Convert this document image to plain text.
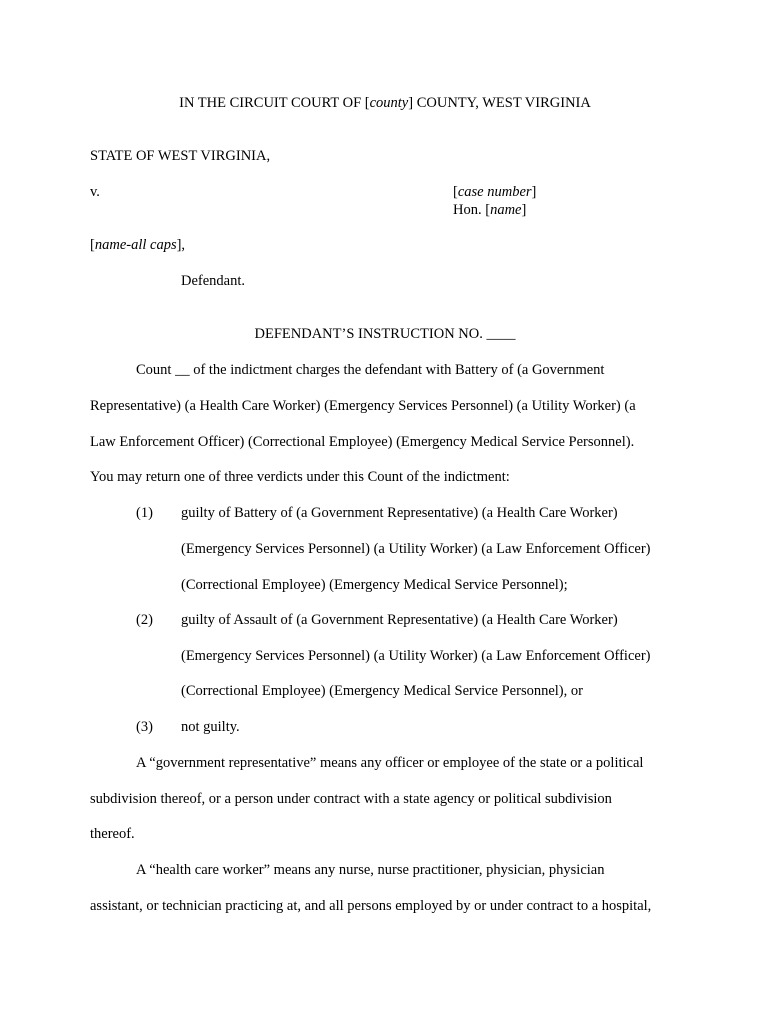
IN THE CIRCUIT COURT OF [county] COUNTY, WEST VIRGINIA
STATE OF WEST VIRGINIA,
v.	[case number]
Hon. [name]
[name-all caps],
Defendant.
DEFENDANT’S INSTRUCTION NO. ____
Count __ of the indictment charges the defendant with Battery of (a Government
Representative) (a Health Care Worker) (Emergency Services Personnel) (a Utility Worker) (a
Law Enforcement Officer) (Correctional Employee) (Emergency Medical Service Personnel).
You may return one of three verdicts under this Count of the indictment:
(1) guilty of Battery of (a Government Representative) (a Health Care Worker)
(Emergency Services Personnel) (a Utility Worker) (a Law Enforcement Officer)
(Correctional Employee) (Emergency Medical Service Personnel);
(2) guilty of Assault of (a Government Representative) (a Health Care Worker)
(Emergency Services Personnel) (a Utility Worker) (a Law Enforcement Officer)
(Correctional Employee) (Emergency Medical Service Personnel), or
(3) not guilty.
A “government representative” means any officer or employee of the state or a political
subdivision thereof, or a person under contract with a state agency or political subdivision
thereof.
A “health care worker” means any nurse, nurse practitioner, physician, physician
assistant, or technician practicing at, and all persons employed by or under contract to a hospital,
